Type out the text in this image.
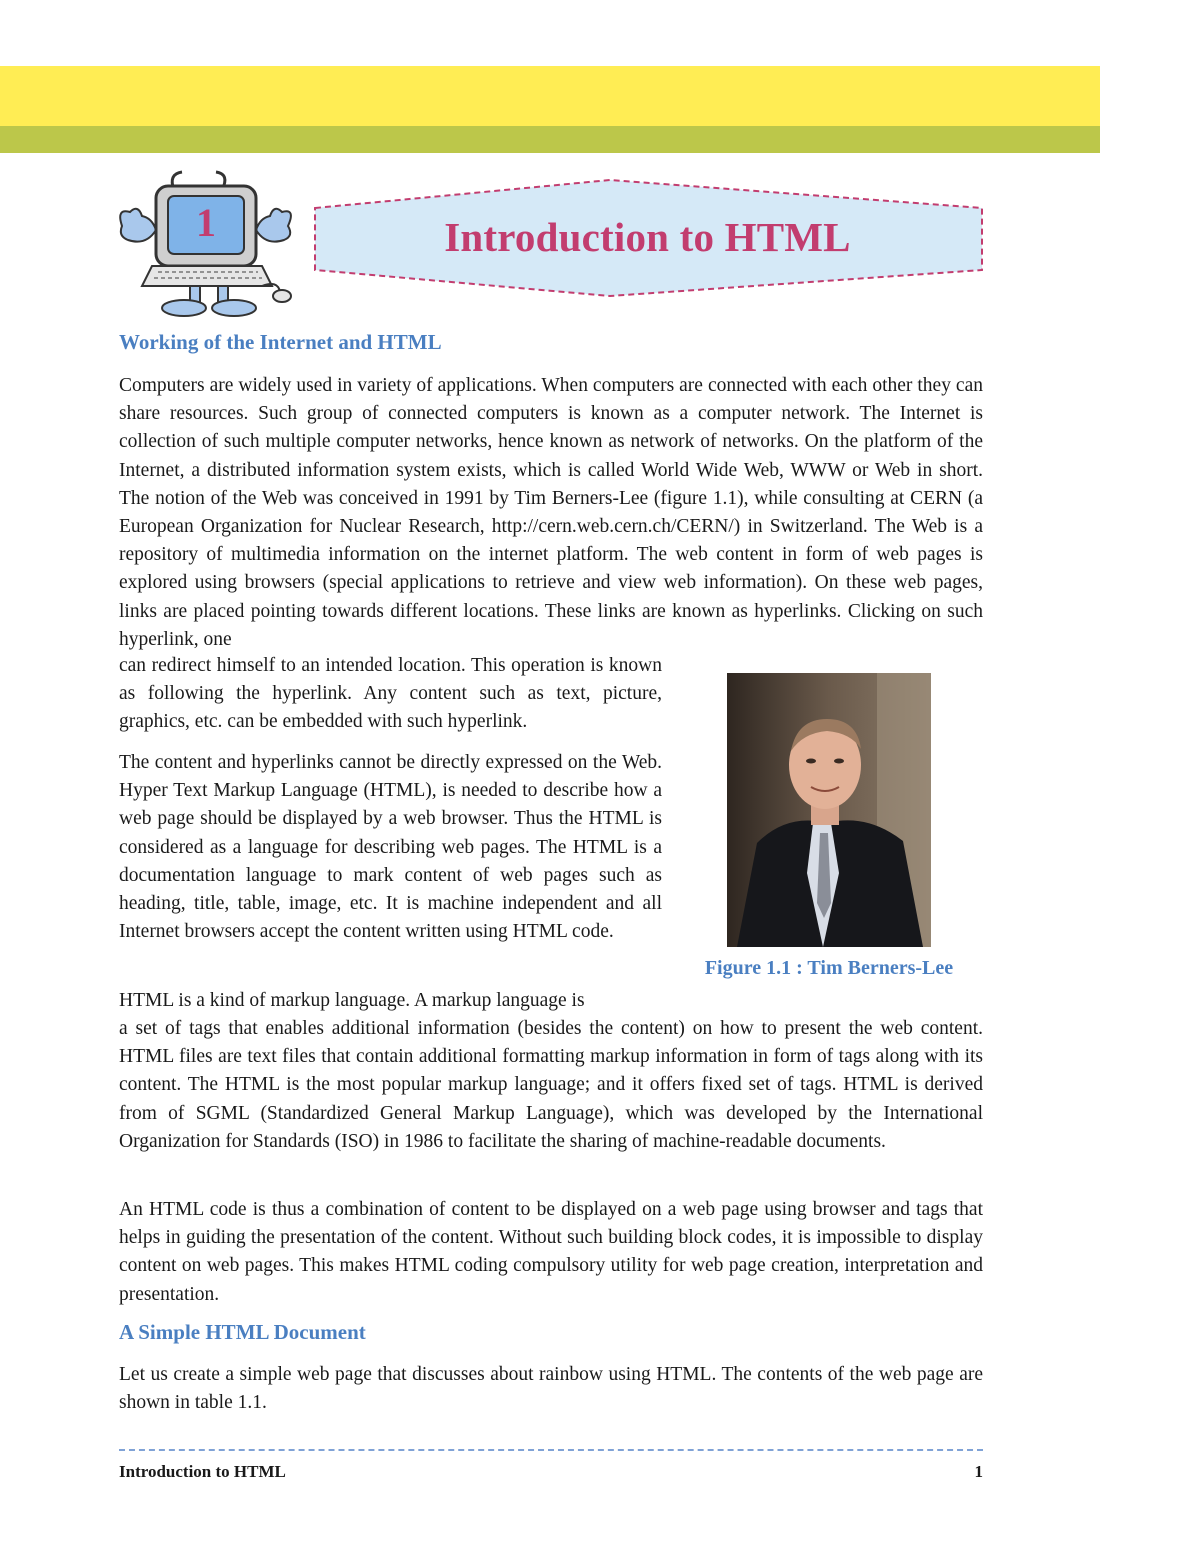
1	Introduction to HTML
Working of the Internet and HTML

Computers are widely used in variety of applications. When computers are connected with each other they can share resources. Such group of connected computers is known as a computer network. The Internet is collection of such multiple computer networks, hence known as network of networks. On the platform of the Internet, a distributed information system exists, which is called World Wide Web, WWW or Web in short. The notion of the Web was conceived in 1991 by Tim Berners-Lee (figure 1.1), while consulting at CERN (a European Organization for Nuclear Research, http://cern.web.cern.ch/CERN/) in Switzerland. The Web is a repository of multimedia information on the internet platform. The web content in form of web pages is explored using browsers (special applications to retrieve and view web information). On these web pages, links are placed pointing towards different locations. These links are known as hyperlinks. Clicking on such hyperlink, one

can redirect himself to an intended location. This operation is known as following the hyperlink. Any content such as text, picture, graphics, etc. can be embedded with such hyperlink.

The content and hyperlinks cannot be directly expressed on the Web. Hyper Text Markup Language (HTML), is needed to describe how a web page should be displayed by a web browser. Thus the HTML is considered as a language for describing web pages. The HTML is a documentation language to mark content of web pages such as heading, title, table, image, etc. It is machine independent and all Internet browsers accept the content written using HTML code.

HTML is a kind of markup language. A markup language is

a set of tags that enables additional information (besides the content) on how to present the web content. HTML files are text files that contain additional formatting markup information in form of tags along with its content. The HTML is the most popular markup language; and it offers fixed set of tags. HTML is derived from of SGML (Standardized General Markup Language), which was developed by the International Organization for Standards (ISO) in 1986 to facilitate the sharing of machine-readable documents.

An HTML code is thus a combination of content to be displayed on a web page using browser and tags that helps in guiding the presentation of the content. Without such building block codes, it is impossible to display content on web pages. This makes HTML coding compulsory utility for web page creation, interpretation and presentation.

A Simple HTML Document

Let us create a simple web page that discusses about rainbow using HTML. The contents of the web page are shown in table 1.1.

Figure 1.1 : Tim Berners-Lee
Introduction to HTML	1
